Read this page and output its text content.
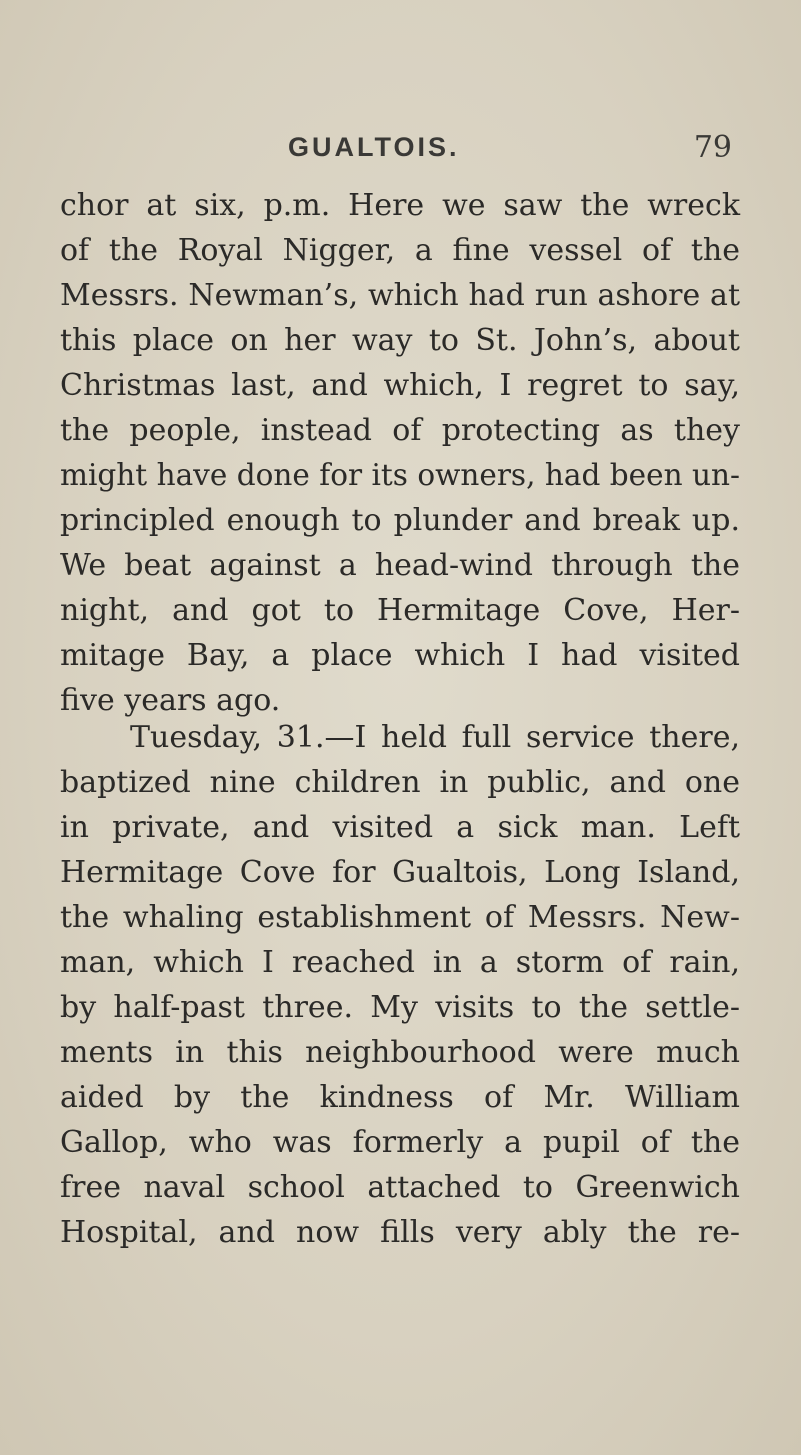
GUALTOIS.	79
chor at six, p.m. Here we saw the wreck
of the Royal Nigger, a fine vessel of the
Messrs. Newman’s, which had run ashore at
this place on her way to St. John’s, about
Christmas last, and which, I regret to say,
the people, instead of protecting as they
might have done for its owners, had been un-
principled enough to plunder and break up.
We beat against a head-wind through the
night, and got to Hermitage Cove, Her-
mitage Bay, a place which I had visited
five years ago.
Tuesday, 31.—I held full service there,
baptized nine children in public, and one
in private, and visited a sick man. Left
Hermitage Cove for Gualtois, Long Island,
the whaling establishment of Messrs. New-
man, which I reached in a storm of rain,
by half-past three. My visits to the settle-
ments in this neighbourhood were much
aided by the kindness of Mr. William
Gallop, who was formerly a pupil of the
free naval school attached to Greenwich
Hospital, and now fills very ably the re-
